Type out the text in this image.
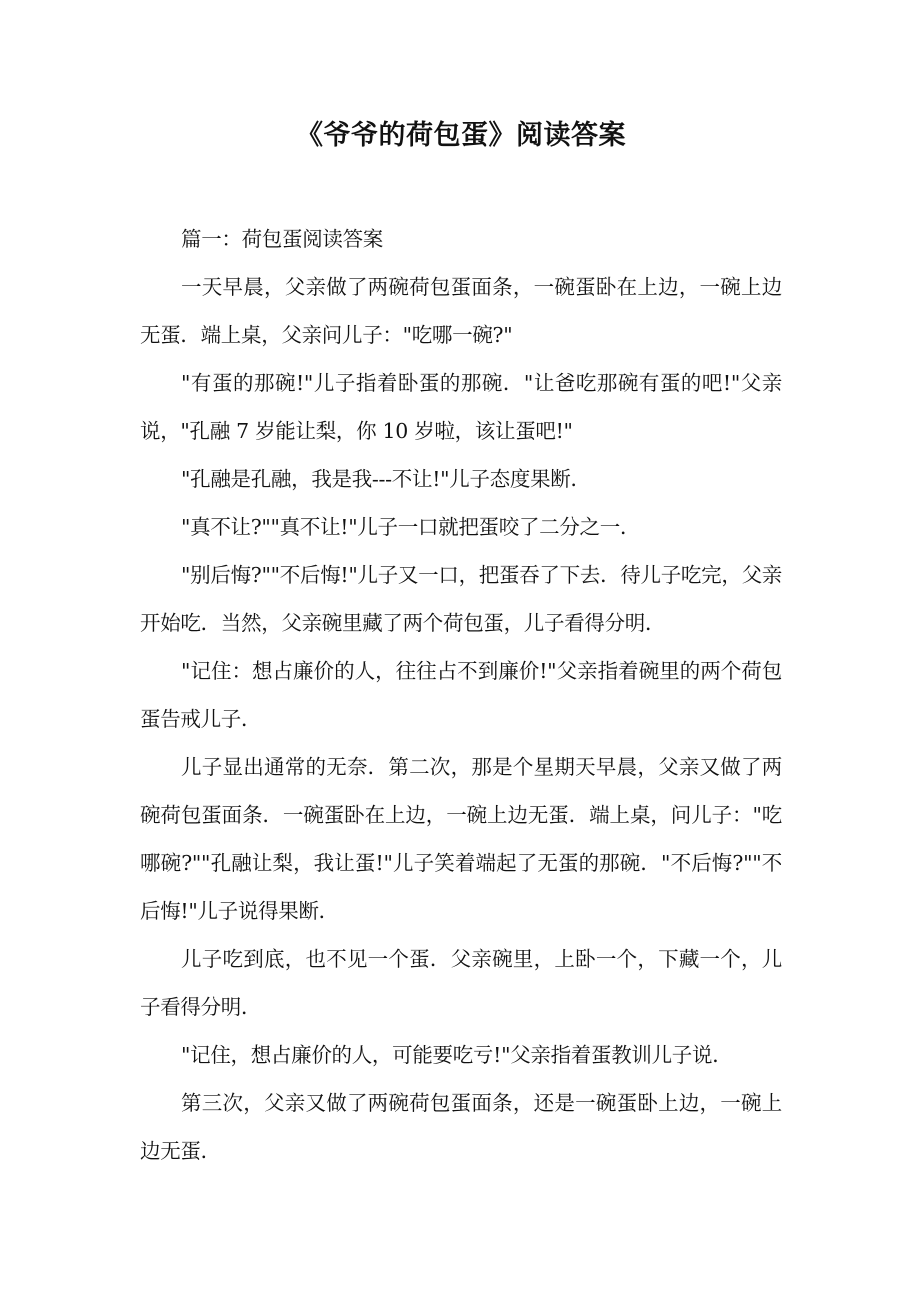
《爷爷的荷包蛋》阅读答案

篇一：荷包蛋阅读答案

一天早晨，父亲做了两碗荷包蛋面条，一碗蛋卧在上边，一碗上边无蛋．端上桌，父亲问儿子："吃哪一碗?"

"有蛋的那碗!"儿子指着卧蛋的那碗．"让爸吃那碗有蛋的吧!"父亲说，"孔融 7 岁能让梨，你 10 岁啦，该让蛋吧!"

"孔融是孔融，我是我---不让!"儿子态度果断．

"真不让?""真不让!"儿子一口就把蛋咬了二分之一．

"别后悔?""不后悔!"儿子又一口，把蛋吞了下去．待儿子吃完，父亲开始吃．当然，父亲碗里藏了两个荷包蛋，儿子看得分明．

"记住：想占廉价的人，往往占不到廉价!"父亲指着碗里的两个荷包蛋告戒儿子．

儿子显出通常的无奈．第二次，那是个星期天早晨，父亲又做了两碗荷包蛋面条．一碗蛋卧在上边，一碗上边无蛋．端上桌，问儿子："吃哪碗?""孔融让梨，我让蛋!"儿子笑着端起了无蛋的那碗．"不后悔?""不后悔!"儿子说得果断．

儿子吃到底，也不见一个蛋．父亲碗里，上卧一个，下藏一个，儿子看得分明．

"记住，想占廉价的人，可能要吃亏!"父亲指着蛋教训儿子说．

第三次，父亲又做了两碗荷包蛋面条，还是一碗蛋卧上边，一碗上边无蛋．
